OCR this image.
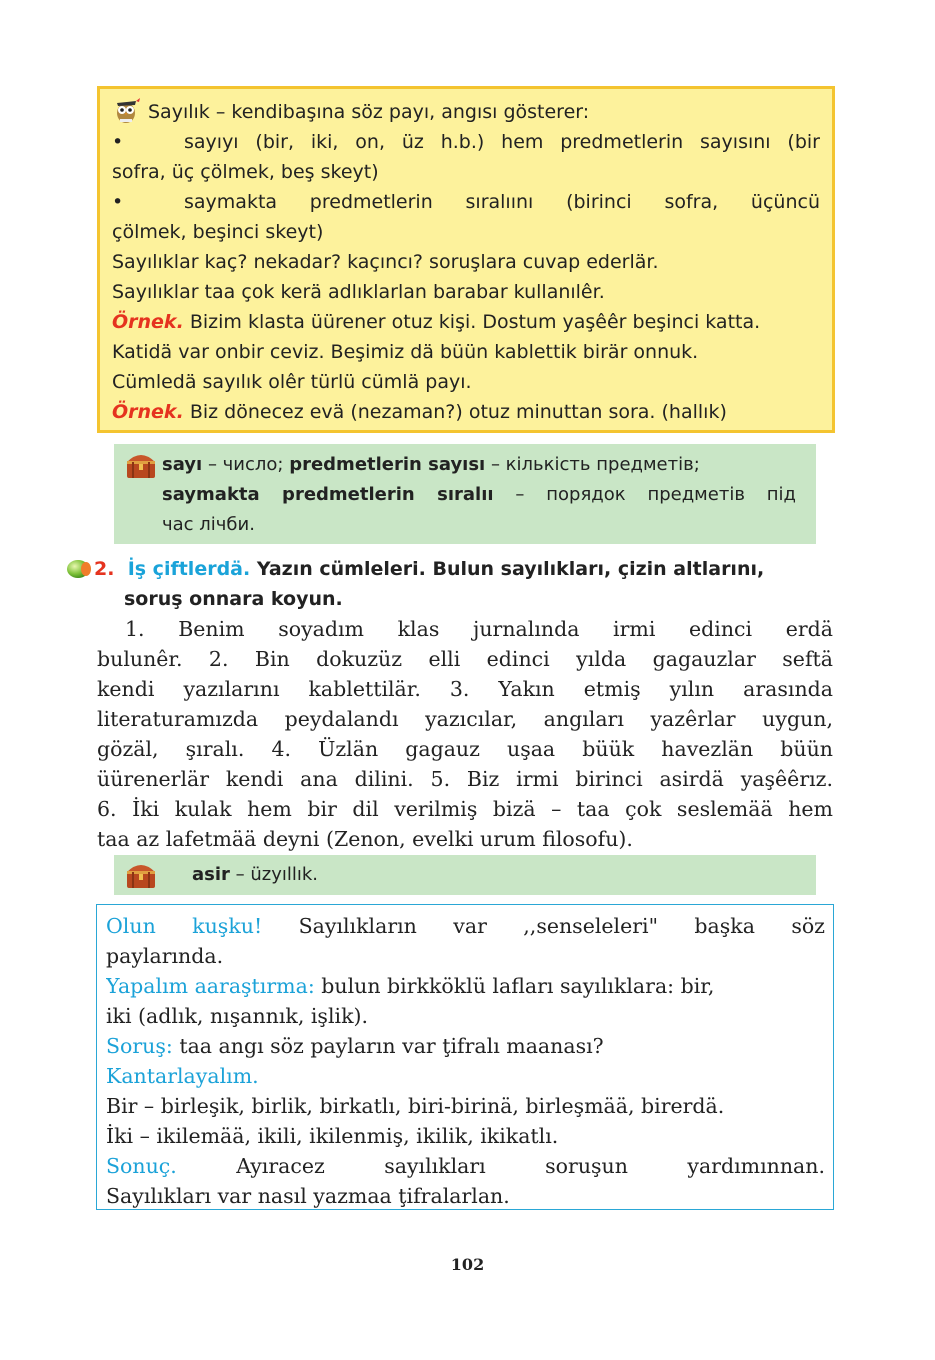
Sayılık – kendibaşına söz payı, angısı gösterer:
•	sayıyı (bir, iki, on, üz h.b.) hem predmetlerin sayısını (bir
sofra, üç çölmek, beş skeyt)
•	saymakta predmetlerin sıralıını (birinci sofra, üçüncü
çölmek, beşinci skeyt)
Sayılıklar kaç? nekadar? kaçıncı? soruşlara cuvap ederlär.
Sayılıklar taa çok kerä adlıklarlan barabar kullanılêr.
Örnek. Bizim klasta üürener otuz kişi. Dostum yaşêêr beşinci katta.
Katidä var onbir ceviz. Beşimiz dä büün kablettik birär onnuk.
Cümledä sayılık olêr türlü cümlä payı.
Örnek. Biz dönecez evä (nezaman?) otuz minuttan sora. (hallık)
sayı – число; predmetlerin sayısı – кількість предметів;
saymakta predmetlerin sıralıı – порядок предметів під
час лічби.
2. İş çiftlerdä. Yazın cümleleri. Bulun sayılıkları, çizin altlarını,
soruş onnara koyun.
1. Benim soyadım klas jurnalında irmi edinci erdä
bulunêr. 2. Bin dokuzüz elli edinci yılda gagauzlar seftä
kendi yazılarını kablettilär. 3. Yakın etmiş yılın arasında
literaturamızda peydalandı yazıcılar, angıları yazêrlar uygun,
gözäl, şıralı. 4. Üzlän gagauz uşaa büük havezlän büün
üürenerlär kendi ana dilini. 5. Biz irmi birinci asirdä yaşêêrız.
6. İki kulak hem bir dil verilmiş bizä – taa çok seslemää hem
taa az lafetmää deyni (Zenon, evelki urum filosofu).
asir – üzyıllık.
Olun kuşku! Sayılıkların var ,,senseleleri" başka söz
paylarında.
Yapalım aaraştırma: bulun birkköklü lafları sayılıklara: bir,
iki (adlık, nışannık, işlik).
Soruş: taa angı söz payların var ţifralı maanası?
Kantarlayalım.
Bir – birleşik, birlik, birkatlı, biri-birinä, birleşmää, birerdä.
İki – ikilemää, ikili, ikilenmiş, ikilik, ikikatlı.
Sonuç. Ayıracez sayılıkları soruşun yardımınnan.
Sayılıkları var nasıl yazmaa ţifralarlan.
102
